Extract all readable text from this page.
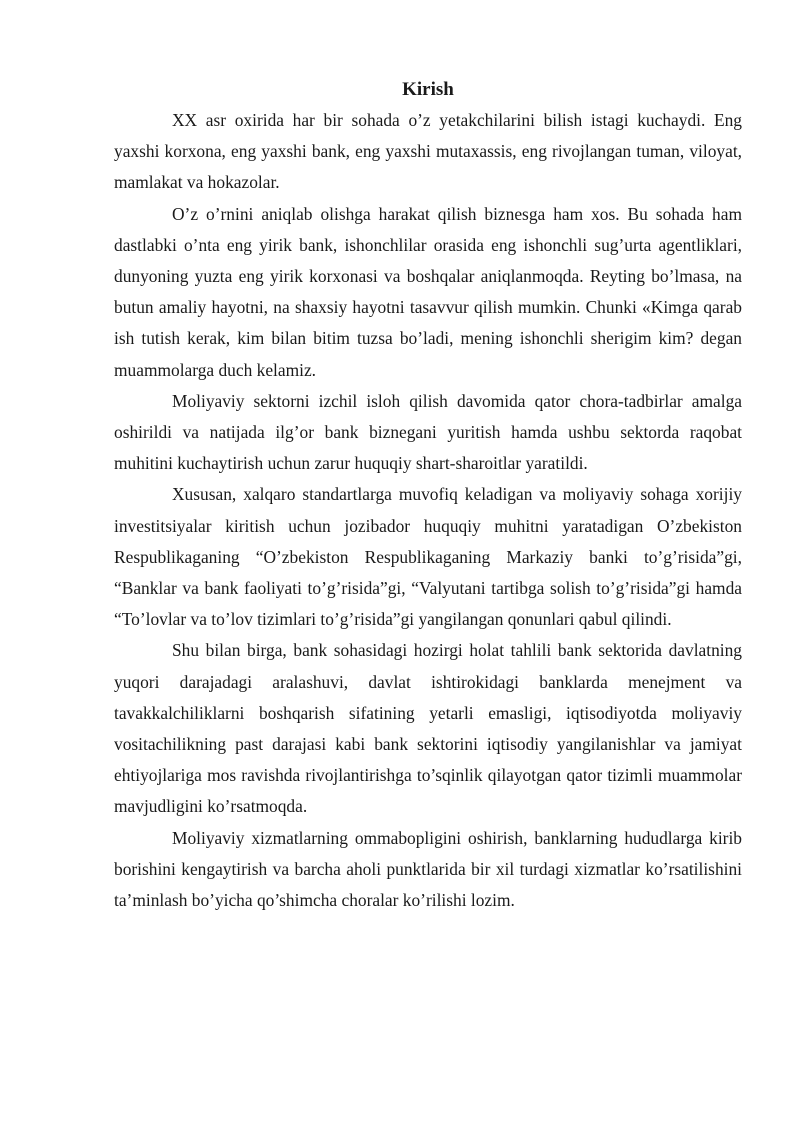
Kirish

XX asr oxirida har bir sohada o’z yetakchilarini bilish istagi kuchaydi. Eng yaxshi korxona, eng yaxshi bank, eng yaxshi mutaxassis, eng rivojlangan tuman, viloyat, mamlakat va hokazolar.

O’z o’rnini aniqlab olishga harakat qilish biznesga ham xos. Bu sohada ham dastlabki o’nta eng yirik bank, ishonchlilar orasida eng ishonchli sug’urta agentliklari, dunyoning yuzta eng yirik korxonasi va boshqalar aniqlanmoqda. Reyting bo’lmasa, na butun amaliy hayotni, na shaxsiy hayotni tasavvur qilish mumkin. Chunki «Kimga qarab ish tutish kerak, kim bilan bitim tuzsa bo’ladi, mening ishonchli sherigim kim? degan muammolarga duch kelamiz.

Moliyaviy sektorni izchil isloh qilish davomida qator chora-tadbirlar amalga oshirildi va natijada ilg’or bank biznegani yuritish hamda ushbu sektorda raqobat muhitini kuchaytirish uchun zarur huquqiy shart-sharoitlar yaratildi.

Xususan, xalqaro standartlarga muvofiq keladigan va moliyaviy sohaga xorijiy investitsiyalar kiritish uchun jozibador huquqiy muhitni yaratadigan O’zbekiston Respublikaganing “O’zbekiston Respublikaganing Markaziy banki to’g’risida”gi, “Banklar va bank faoliyati to’g’risida”gi, “Valyutani tartibga solish to’g’risida”gi hamda “To’lovlar va to’lov tizimlari to’g’risida”gi yangilangan qonunlari qabul qilindi.

Shu bilan birga, bank sohasidagi hozirgi holat tahlili bank sektorida davlatning yuqori darajadagi aralashuvi, davlat ishtirokidagi banklarda menejment va tavakkalchiliklarni boshqarish sifatining yetarli emasligi, iqtisodiyotda moliyaviy vositachilikning past darajasi kabi bank sektorini iqtisodiy yangilanishlar va jamiyat ehtiyojlariga mos ravishda rivojlantirishga to’sqinlik qilayotgan qator tizimli muammolar mavjudligini ko’rsatmoqda.

Moliyaviy xizmatlarning ommabopligini oshirish, banklarning hududlarga kirib borishini kengaytirish va barcha aholi punktlarida bir xil turdagi xizmatlar ko’rsatilishini ta’minlash bo’yicha qo’shimcha choralar ko’rilishi lozim.
